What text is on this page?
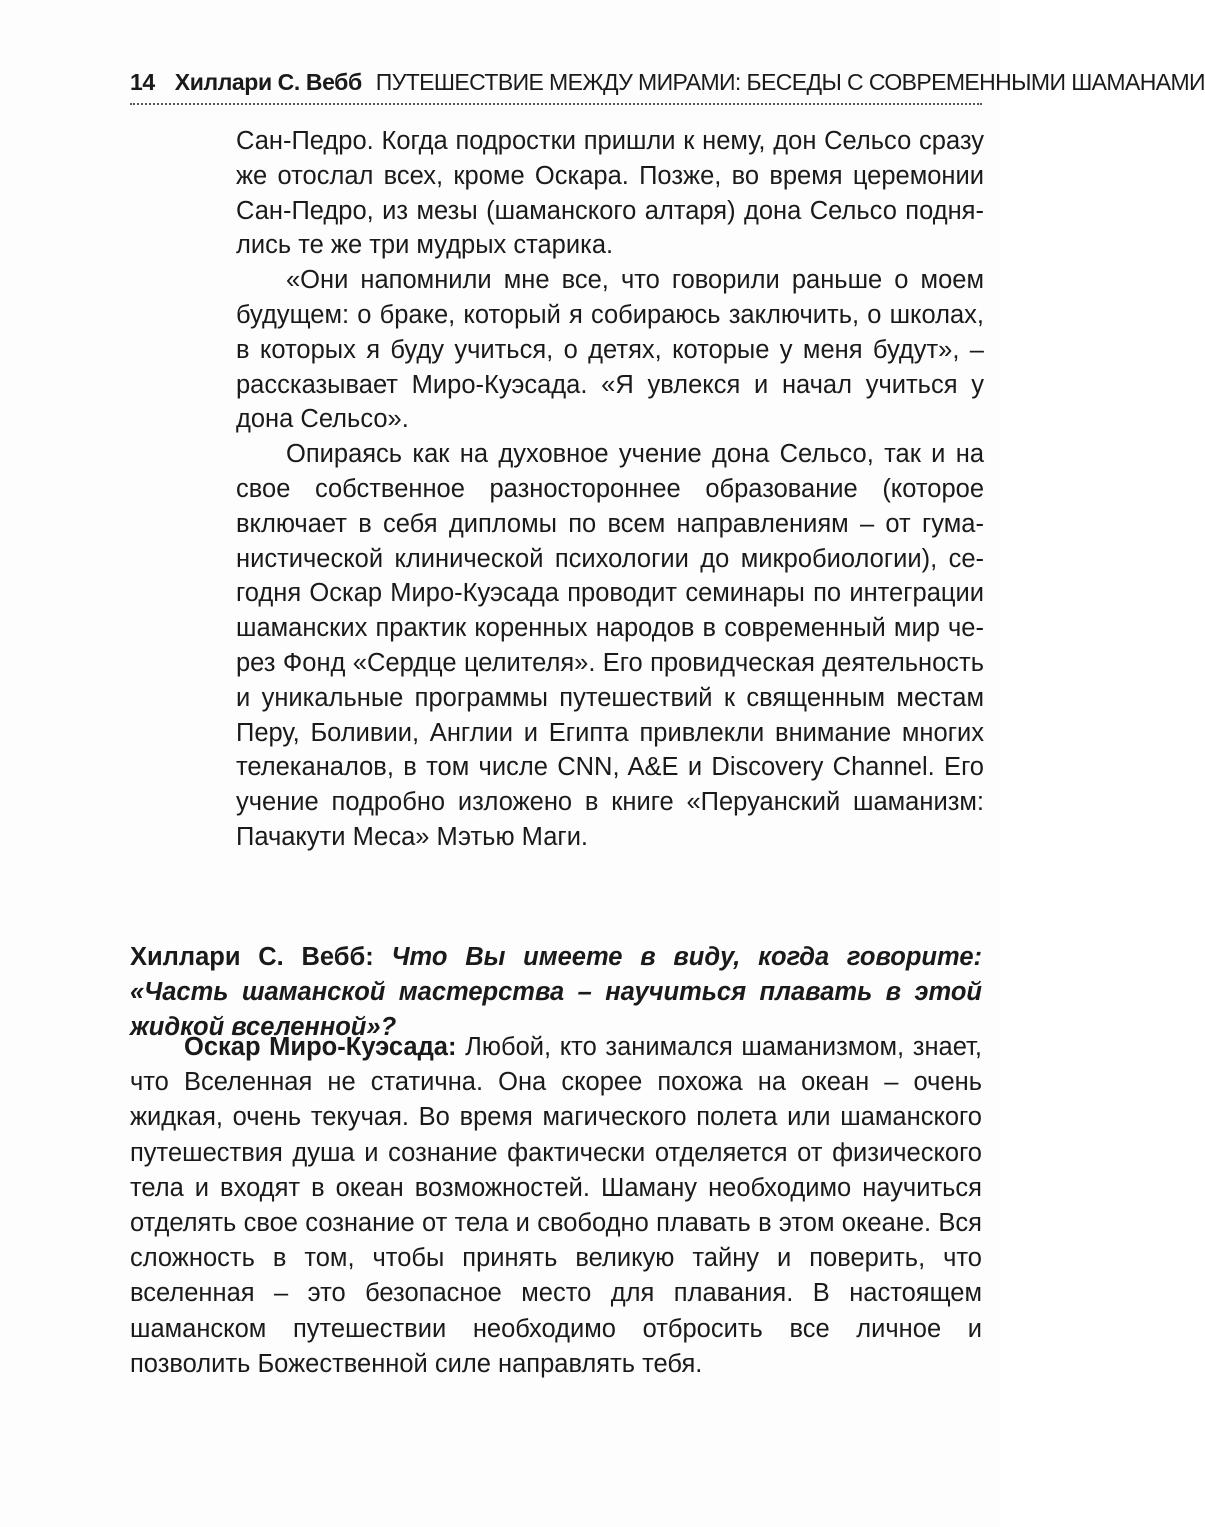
14 Хиллари С. Вебб ПУТЕШЕСТВИЕ МЕЖДУ МИРАМИ: БЕСЕДЫ С СОВРЕМЕННЫМИ ШАМАНАМИ

Сан-Педро. Когда подростки пришли к нему, дон Сельсо сразу же отослал всех, кроме Оскара. Позже, во время церемонии Сан-Педро, из мезы (шаманского алтаря) дона Сельсо поднялись те же три мудрых старика.

«Они напомнили мне все, что говорили раньше о моем будущем: о браке, который я собираюсь заключить, о школах, в которых я буду учиться, о детях, которые у меня будут», – рассказывает Миро-Куэсада. «Я увлекся и начал учиться у дона Сельсо».

Опираясь как на духовное учение дона Сельсо, так и на свое собственное разностороннее образование (которое включает в себя дипломы по всем направлениям – от гуманистической клинической психологии до микробиологии), сегодня Оскар Миро-Куэсада проводит семинары по интеграции шаманских практик коренных народов в современный мир через Фонд «Сердце целителя». Его провидческая деятельность и уникальные программы путешествий к священным местам Перу, Боливии, Англии и Египта привлекли внимание многих телеканалов, в том числе CNN, A&E и Discovery Channel. Его учение подробно изложено в книге «Перуанский шаманизм: Пачакути Меса» Мэтью Маги.

Хиллари С. Вебб: Что Вы имеете в виду, когда говорите: «Часть шаманской мастерства – научиться плавать в этой жидкой вселенной»?

Оскар Миро-Куэсада: Любой, кто занимался шаманизмом, знает, что Вселенная не статична. Она скорее похожа на океан – очень жидкая, очень текучая. Во время магического полета или шаманского путешествия душа и сознание фактически отделяется от физического тела и входят в океан возможностей. Шаману необходимо научиться отделять свое сознание от тела и свободно плавать в этом океане. Вся сложность в том, чтобы принять великую тайну и поверить, что вселенная – это безопасное место для плавания. В настоящем шаманском путешествии необходимо отбросить все личное и позволить Божественной силе направлять тебя.
